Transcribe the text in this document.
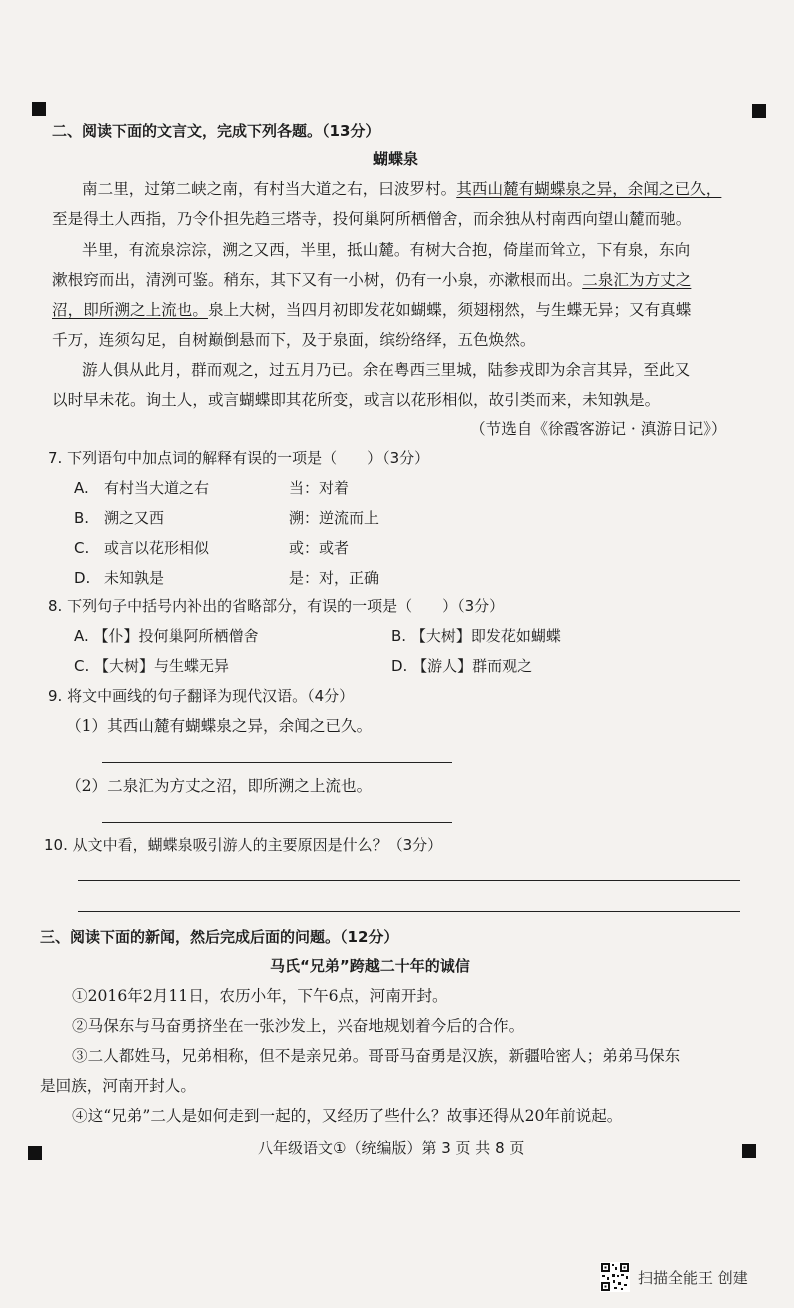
二、阅读下面的文言文，完成下列各题。（13分）
蝴蝶泉
南二里，过第二峡之南，有村当大道之右，曰波罗村。其西山麓有蝴蝶泉之异，余闻之已久，
至是得土人西指，乃令仆担先趋三塔寺，投何巢阿所栖僧舍，而余独从村南西向望山麓而驰。
半里，有流泉淙淙，溯之又西，半里，抵山麓。有树大合抱，倚崖而耸立，下有泉，东向
漱根窍而出，清洌可鉴。稍东，其下又有一小树，仍有一小泉，亦漱根而出。二泉汇为方丈之
沼，即所溯之上流也。泉上大树，当四月初即发花如蝴蝶，须翅栩然，与生蝶无异；又有真蝶
千万，连须勾足，自树巅倒悬而下，及于泉面，缤纷络绎，五色焕然。
游人俱从此月，群而观之，过五月乃已。余在粤西三里城，陆参戎即为余言其异，至此又
以时早未花。询土人，或言蝴蝶即其花所变，或言以花形相似，故引类而来，未知孰是。
（节选自《徐霞客游记 · 滇游日记》）
7. 下列语句中加点词的解释有误的一项是（　　）（3分）
A. 有村当大道之右	当：对着
B. 溯之又西	溯：逆流而上
C. 或言以花形相似	或：或者
D. 未知孰是	是：对，正确
8. 下列句子中括号内补出的省略部分，有误的一项是（　　）（3分）
A. 【仆】投何巢阿所栖僧舍	B. 【大树】即发花如蝴蝶
C. 【大树】与生蝶无异	D. 【游人】群而观之
9. 将文中画线的句子翻译为现代汉语。（4分）
（1）其西山麓有蝴蝶泉之异，余闻之已久。
（2）二泉汇为方丈之沼，即所溯之上流也。
10. 从文中看，蝴蝶泉吸引游人的主要原因是什么？（3分）
三、阅读下面的新闻，然后完成后面的问题。（12分）
马氏“兄弟”跨越二十年的诚信
①2016年2月11日，农历小年，下午6点，河南开封。
②马保东与马奋勇挤坐在一张沙发上，兴奋地规划着今后的合作。
③二人都姓马，兄弟相称，但不是亲兄弟。哥哥马奋勇是汉族，新疆哈密人；弟弟马保东
是回族，河南开封人。
④这“兄弟”二人是如何走到一起的，又经历了些什么？故事还得从20年前说起。
八年级语文①（统编版）第 3 页 共 8 页
扫描全能王 创建
